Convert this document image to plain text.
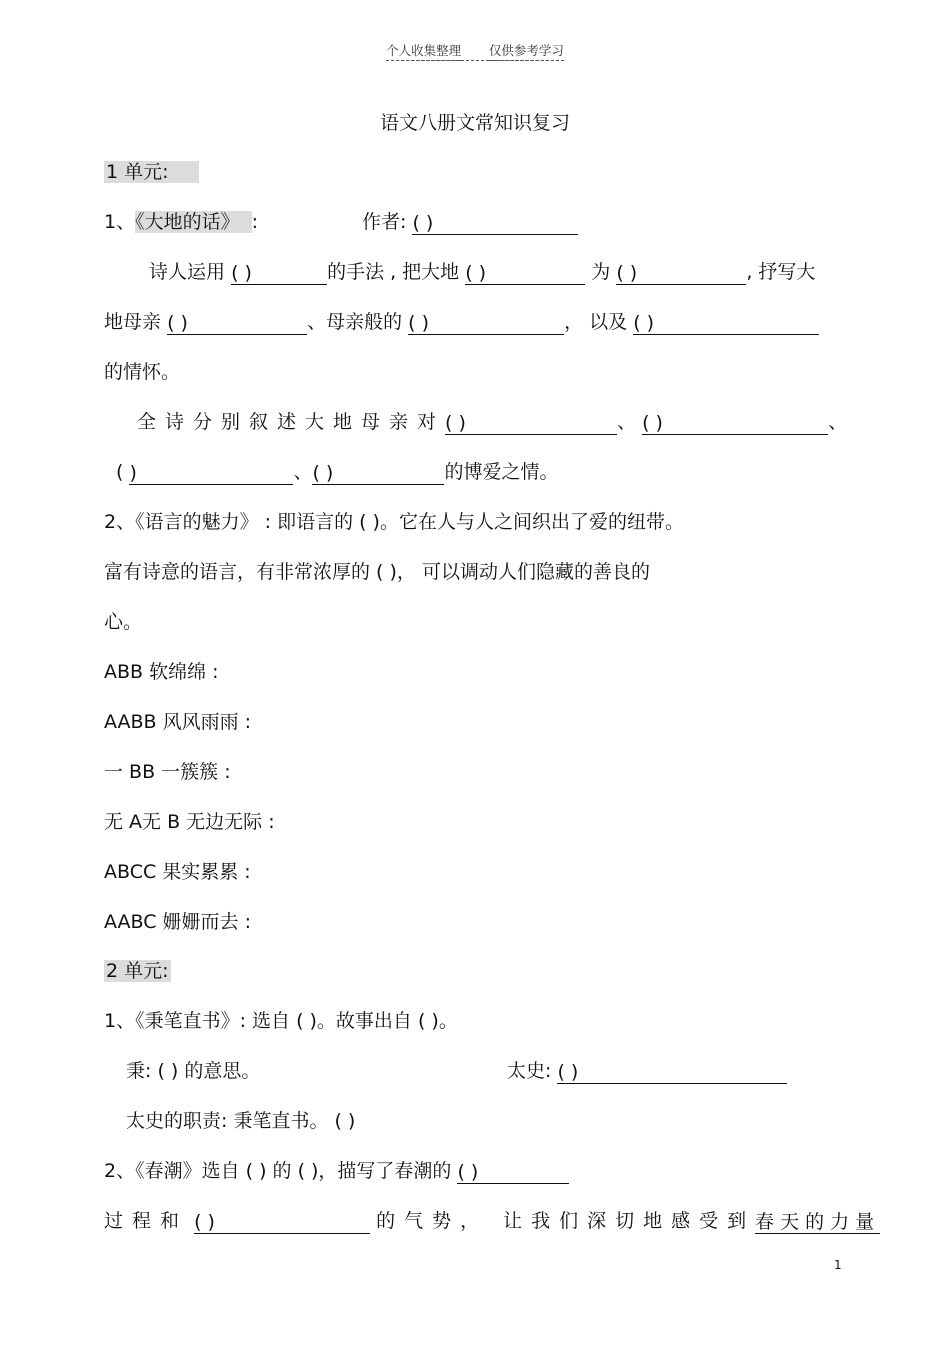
个人收集整理 仅供参考学习
语文八册文常知识复习
1 单元:
1、《大地的话》 :	作者: ( )
诗人运用 ( )	的手法 , 把大地 ( )	为 ( )	, 抒写大
地母亲 ( )	、母亲般的 ( )	， 以及 ( )
的情怀。
全诗分别叙述大地母亲对( )	、 ( )	、
( )	、( )	的博爱之情。
2、《语言的魅力》 : 即语言的 ( )。它在人与人之间织出了爱的纽带。
富有诗意的语言，有非常浓厚的 ( )， 可以调动人们隐藏的善良的
心。
ABB 软绵绵 :
AABB 风风雨雨 :
一 BB 一簇簇 :
无 A无 B 无边无际 :
ABCC 果实累累 :
AABC 姗姗而去 :
2 单元:
1、《秉笔直书》: 选自 ( )。故事出自 ( )。
秉: ( ) 的意思。	太史: ( )
太史的职责: 秉笔直书。 ( )
2、《春潮》选自 ( ) 的 ( )，描写了春潮的 ( )
过程和 ( )	的气势， 让我们深切地感受到春天的力量
1
